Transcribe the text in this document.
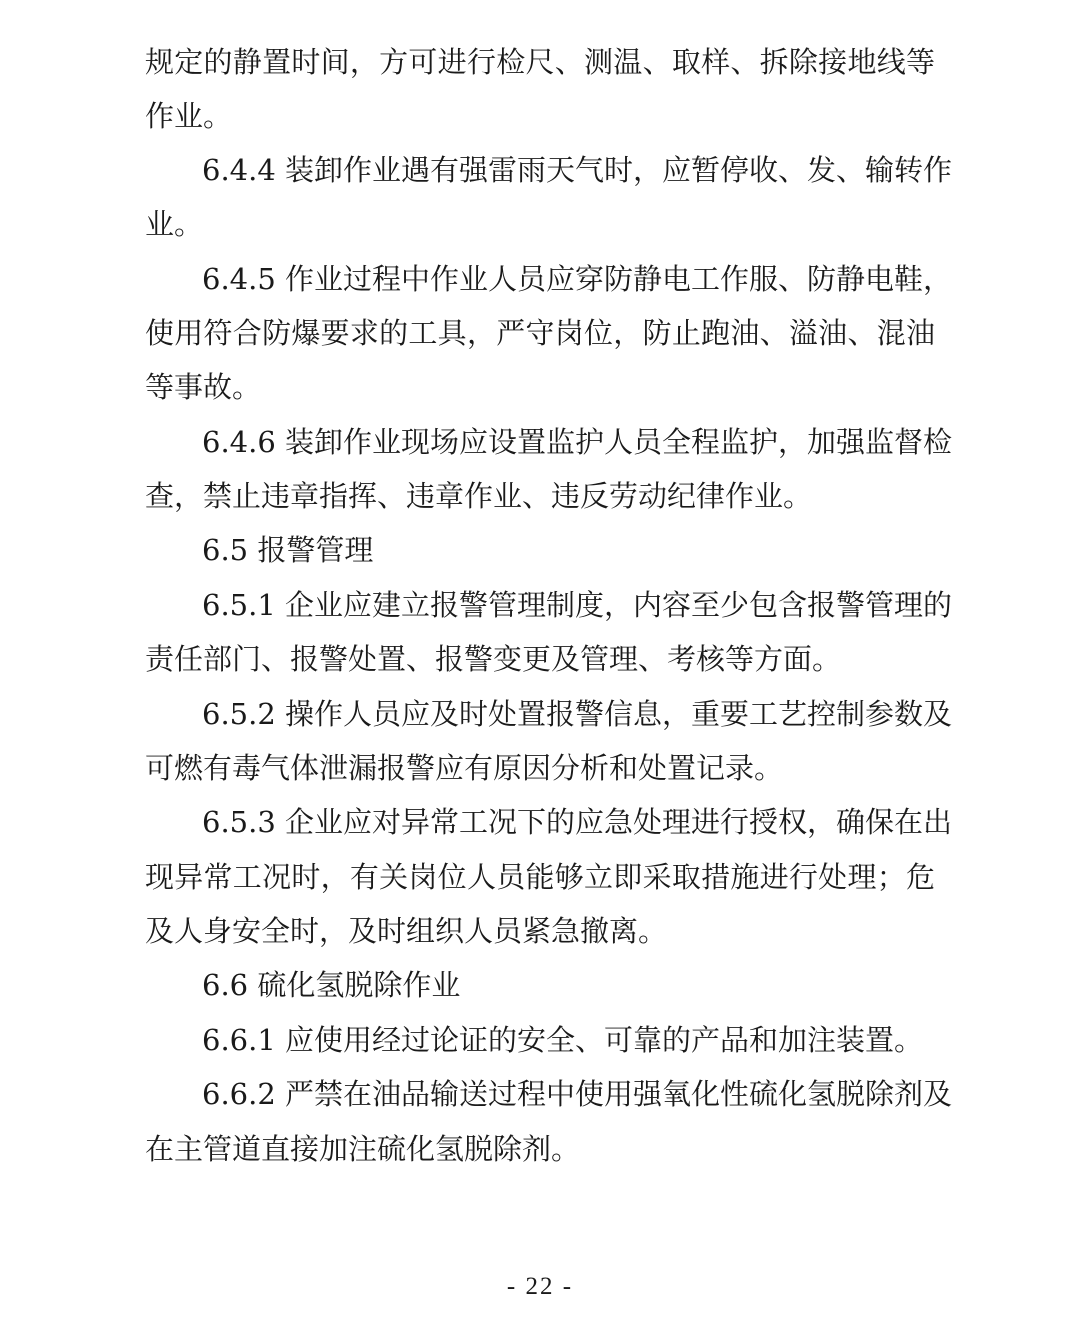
规定的静置时间，方可进行检尺、测温、取样、拆除接地线等
作业。
6.4.4 装卸作业遇有强雷雨天气时，应暂停收、发、输转作
业。
6.4.5 作业过程中作业人员应穿防静电工作服、防静电鞋，
使用符合防爆要求的工具，严守岗位，防止跑油、溢油、混油
等事故。
6.4.6 装卸作业现场应设置监护人员全程监护，加强监督检
查，禁止违章指挥、违章作业、违反劳动纪律作业。
6.5 报警管理
6.5.1 企业应建立报警管理制度，内容至少包含报警管理的
责任部门、报警处置、报警变更及管理、考核等方面。
6.5.2 操作人员应及时处置报警信息，重要工艺控制参数及
可燃有毒气体泄漏报警应有原因分析和处置记录。
6.5.3 企业应对异常工况下的应急处理进行授权，确保在出
现异常工况时，有关岗位人员能够立即采取措施进行处理；危
及人身安全时，及时组织人员紧急撤离。
6.6 硫化氢脱除作业
6.6.1 应使用经过论证的安全、可靠的产品和加注装置。
6.6.2 严禁在油品输送过程中使用强氧化性硫化氢脱除剂及
在主管道直接加注硫化氢脱除剂。
- 22 -
